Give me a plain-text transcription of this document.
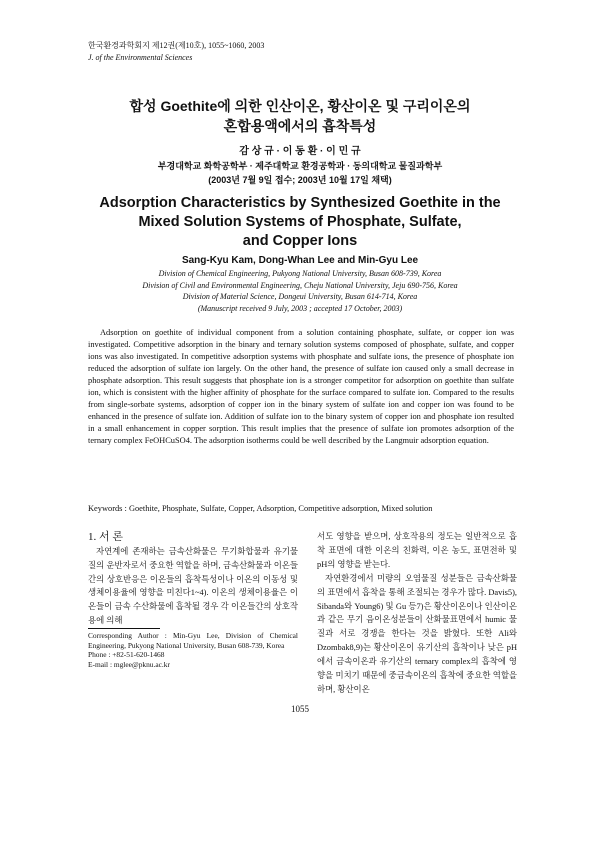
한국환경과학회지 제12권(제10호), 1055~1060, 2003
J. of the Environmental Sciences
합성 Goethite에 의한 인산이온, 황산이온 및 구리이온의
혼합용액에서의 흡착특성
감 상 규 · 이 동 환 · 이 민 규
부경대학교 화학공학부 · 제주대학교 환경공학과 · 동의대학교 물질과학부
(2003년 7월 9일 접수; 2003년 10월 17일 채택)
Adsorption Characteristics by Synthesized Goethite in the
Mixed Solution Systems of Phosphate, Sulfate,
and Copper Ions
Sang-Kyu Kam, Dong-Whan Lee and Min-Gyu Lee
Division of Chemical Engineering, Pukyong National University, Busan 608-739, Korea
Division of Civil and Environmental Engineering, Cheju National University, Jeju 690-756, Korea
Division of Material Science, Dongeui University, Busan 614-714, Korea
(Manuscript received 9 July, 2003 ; accepted 17 October, 2003)
Adsorption on goethite of individual component from a solution containing phosphate, sulfate, or copper ion was investigated. Competitive adsorption in the binary and ternary solution systems composed of phosphate, sulfate, and copper ions was also investigated. In competitive adsorption systems with phosphate and sulfate ions, the presence of phosphate ion reduced the adsorption of sulfate ion largely. On the other hand, the presence of sulfate ion caused only a small decrease in phosphate adsorption. This result suggests that phosphate ion is a stronger competitor for adsorption on goethite than sulfate ion, which is consistent with the higher affinity of phosphate for the surface compared to sulfate ion. Compared to the results from single-sorbate systems, adsorption of copper ion in the binary system of sulfate ion and copper ion was found to be enhanced in the presence of sulfate ion. Addition of sulfate ion to the binary system of copper ion and phosphate ion resulted in a small enhancement in copper sorption. This result implies that the presence of sulfate ion promotes adsorption of the ternary complex FeOHCuSO4. The adsorption isotherms could be well described by the Langmuir adsorption equation.
Keywords : Goethite, Phosphate, Sulfate, Copper, Adsorption, Competitive adsorption, Mixed solution
1. 서 론
자연계에 존재하는 금속산화물은 무기화합물과 유기물질의 운반자로서 중요한 역할을 하며, 금속산화물과 이온들간의 상호반응은 이온들의 흡착특성이나 이온의 이동성 및 생체이용율에 영향을 미친다1~4). 이온의 생체이용율은 이온들이 금속 수산화물에 흡착될 경우 각 이온들간의 상호작용에 의해
Corresponding Author : Min-Gyu Lee, Division of Chemical Engineering, Pukyong National University, Busan 608-739, Korea
Phone : +82-51-620-1468
E-mail : mglee@pknu.ac.kr

서도 영향을 받으며, 상호작용의 정도는 일반적으로 흡착 표면에 대한 이온의 친화력, 이온 농도, 표면전하 및 pH의 영향을 받는다.

자연환경에서 미량의 오염물질 성분들은 금속산화물의 표면에서 흡착을 통해 조절되는 경우가 많다. Davis5), Sibanda와 Young6) 및 Gu 등7)은 황산이온이나 인산이온과 같은 무기 음이온성분들이 산화물표면에서 humic 물질과 서로 경쟁을 한다는 것을 밝혔다. 또한 Ali와 Dzombak8,9)는 황산이온이 유기산의 흡착이나 낮은 pH에서 금속이온과 유기산의 ternary complex의 흡착에 영향을 미치기 때문에 중금속이온의 흡착에 중요한 역할을 하며, 황산이온

1055
